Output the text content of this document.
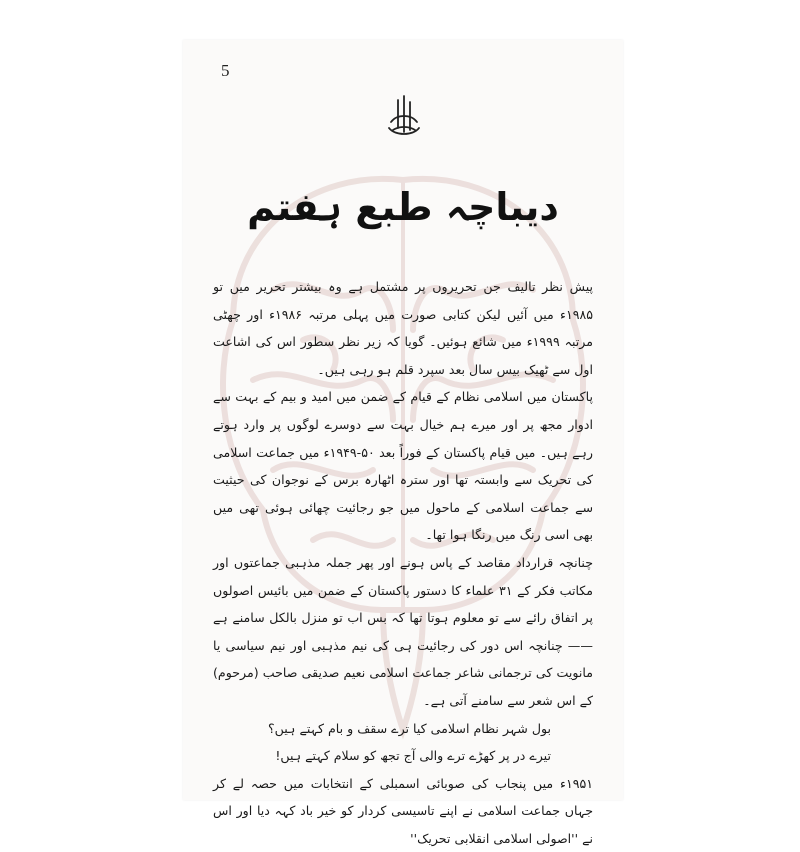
5
دیباچہ طبع ہفتم

پیش نظر تالیف جن تحریروں پر مشتمل ہے وہ بیشتر تحریر میں تو ۱۹۸۵ء میں آئیں لیکن کتابی صورت میں پہلی مرتبہ ۱۹۸۶ء اور چھٹی مرتبہ ۱۹۹۹ء میں شائع ہوئیں۔ گویا کہ زیر نظر سطور اس کی اشاعت اول سے ٹھیک بیس سال بعد سپرد قلم ہو رہی ہیں۔

پاکستان میں اسلامی نظام کے قیام کے ضمن میں امید و بیم کے بہت سے ادوار مجھ پر اور میرے ہم خیال بہت سے دوسرے لوگوں پر وارد ہوتے رہے ہیں۔ میں قیام پاکستان کے فوراً بعد ۵۰-۱۹۴۹ء میں جماعت اسلامی کی تحریک سے وابستہ تھا اور سترہ اٹھارہ برس کے نوجوان کی حیثیت سے جماعت اسلامی کے ماحول میں جو رجائیت چھائی ہوئی تھی میں بھی اسی رنگ میں رنگا ہوا تھا۔

چنانچہ قرارداد مقاصد کے پاس ہونے اور پھر جملہ مذہبی جماعتوں اور مکاتب فکر کے ۳۱ علماء کا دستور پاکستان کے ضمن میں بائیس اصولوں پر اتفاق رائے سے تو معلوم ہوتا تھا کہ بس اب تو منزل بالکل سامنے ہے—— چنانچہ اس دور کی رجائیت ہی کی نیم مذہبی اور نیم سیاسی یا مانویت کی ترجمانی شاعر جماعت اسلامی نعیم صدیقی صاحب (مرحوم) کے اس شعر سے سامنے آتی ہے۔

بول شہر نظام اسلامی کیا ترے سقف و بام کہتے ہیں؟

تیرے در پر کھڑے ترے والی آج تجھ کو سلام کہتے ہیں!

۱۹۵۱ء میں پنجاب کی صوبائی اسمبلی کے انتخابات میں حصہ لے کر جہاں جماعت اسلامی نے اپنے تاسیسی کردار کو خیر باد کہہ دیا اور اس نے ''اصولی اسلامی انقلابی تحریک''
